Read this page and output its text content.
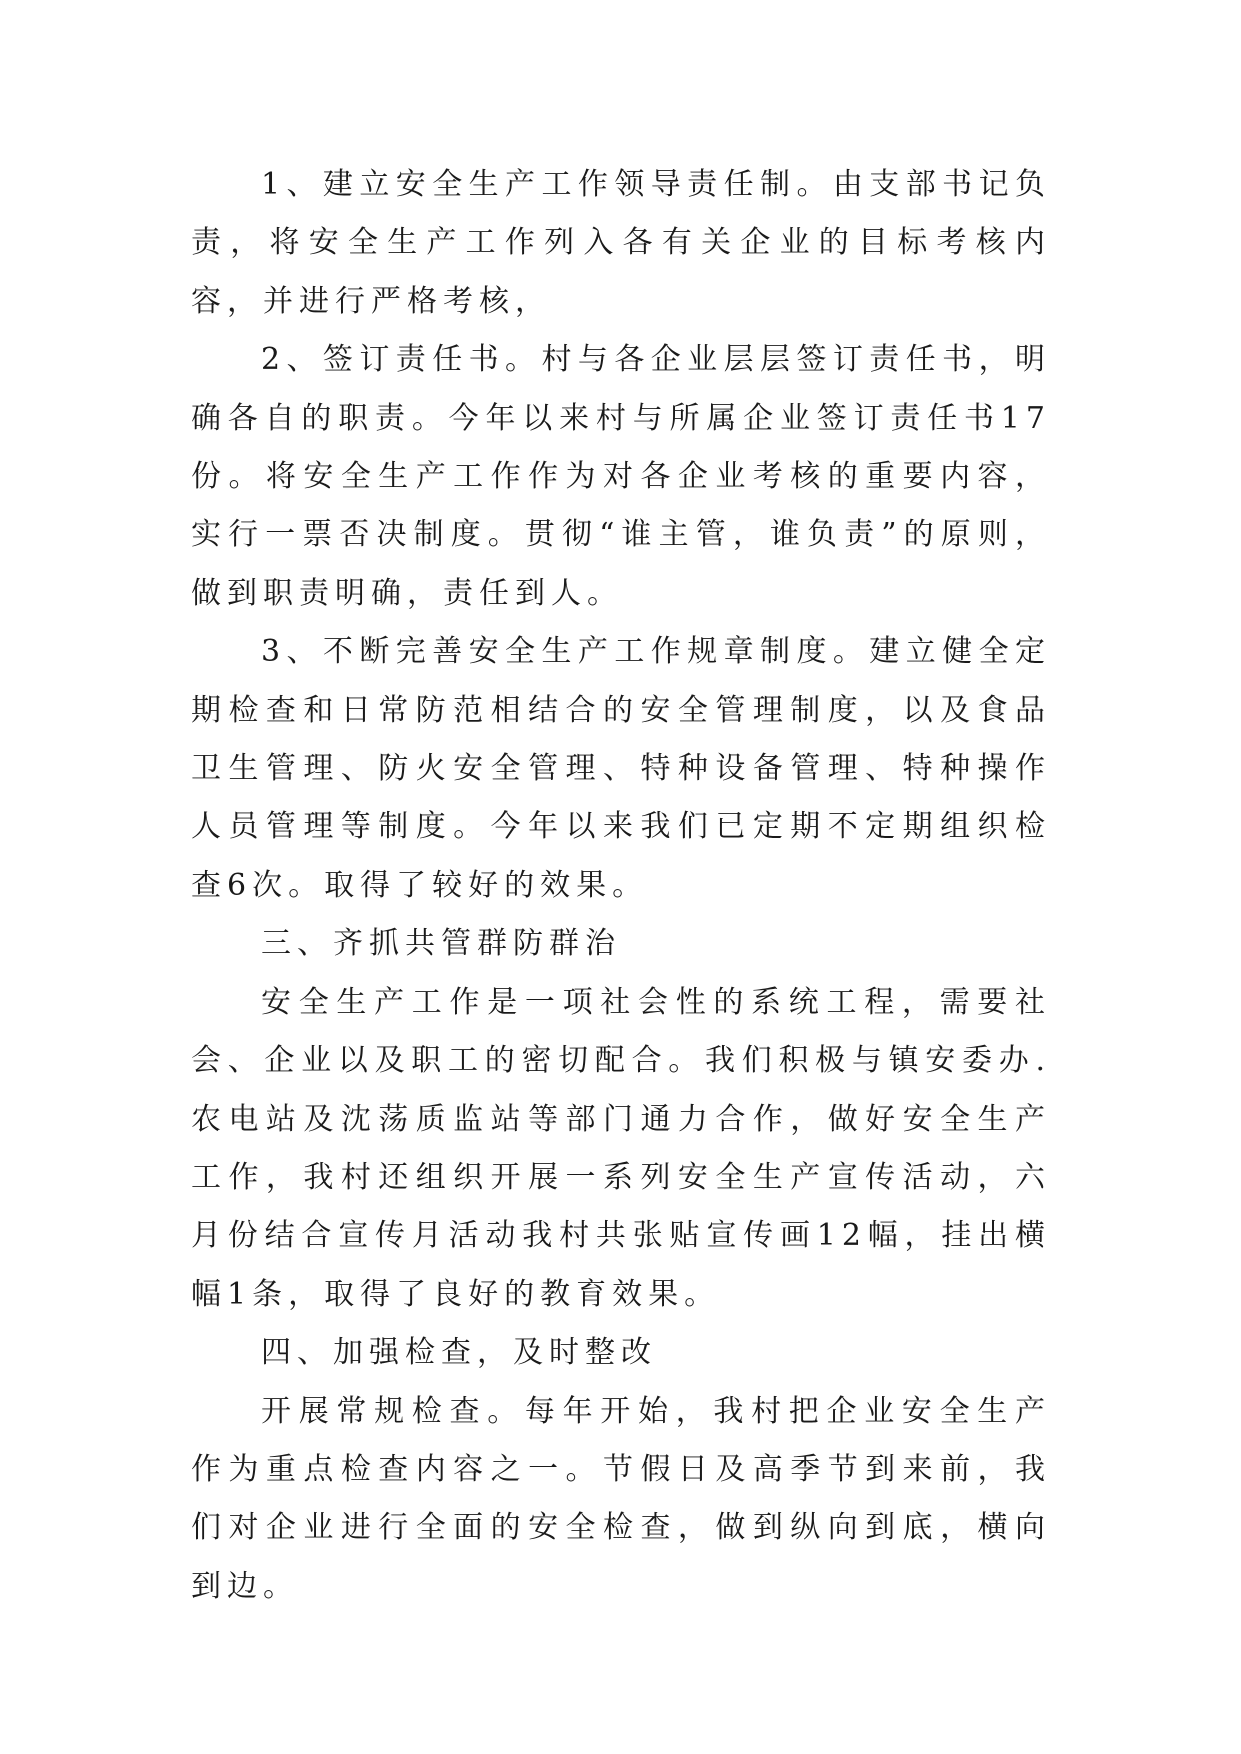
1、建立安全生产工作领导责任制。由支部书记负责，将安全生产工作列入各有关企业的目标考核内容，并进行严格考核，

2、签订责任书。村与各企业层层签订责任书，明确各自的职责。今年以来村与所属企业签订责任书17份。将安全生产工作作为对各企业考核的重要内容，实行一票否决制度。贯彻“谁主管，谁负责”的原则，做到职责明确，责任到人。

3、不断完善安全生产工作规章制度。建立健全定期检查和日常防范相结合的安全管理制度，以及食品卫生管理、防火安全管理、特种设备管理、特种操作人员管理等制度。今年以来我们已定期不定期组织检查6次。取得了较好的效果。

三、齐抓共管群防群治

安全生产工作是一项社会性的系统工程，需要社会、企业以及职工的密切配合。我们积极与镇安委办.农电站及沈荡质监站等部门通力合作，做好安全生产工作，我村还组织开展一系列安全生产宣传活动，六月份结合宣传月活动我村共张贴宣传画12幅，挂出横幅1条，取得了良好的教育效果。

四、加强检查，及时整改

开展常规检查。每年开始，我村把企业安全生产作为重点检查内容之一。节假日及高季节到来前，我们对企业进行全面的安全检查，做到纵向到底，横向到边。
